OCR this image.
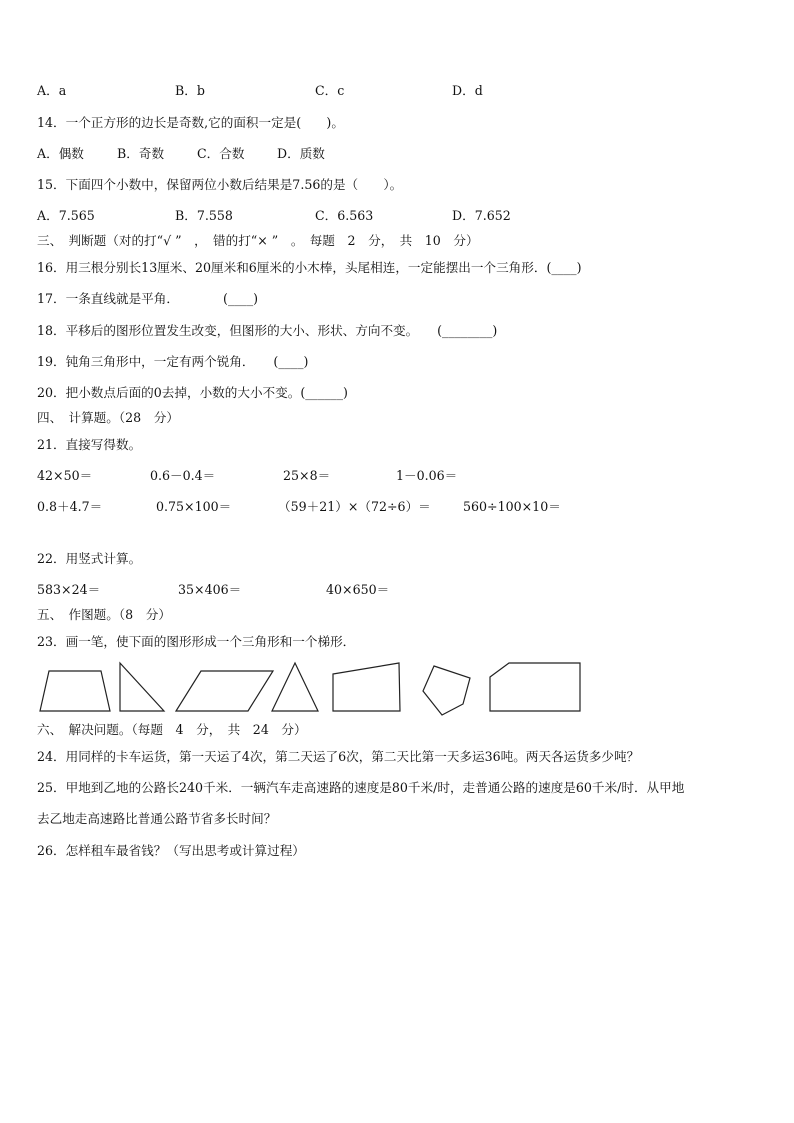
A．a	B．b	C．c	D．d
14．一个正方形的边长是奇数,它的面积一定是(　　)。
A．偶数	B．奇数	C．合数	D．质数
15．下面四个小数中，保留两位小数后结果是7.56的是（　　）。
A．7.565	B．7.558	C．6.563	D．7.652
三、　判断题（对的打“√ ”　，　错的打“× ”　。　每题　2　分，　共　10　分）
16．用三根分别长13厘米、20厘米和6厘米的小木棒，头尾相连，一定能摆出一个三角形．(____)
17．一条直线就是平角．　　　　(____)
18．平移后的图形位置发生改变，但图形的大小、形状、方向不变。　　(________)
19．钝角三角形中，一定有两个锐角．　　(____)
20．把小数点后面的0去掉，小数的大小不变。(______)
四、　计算题。（28　分）
21．直接写得数。
42×50＝	0.6－0.4＝	25×8＝	1－0.06＝
0.8＋4.7＝	0.75×100＝	（59＋21）×（72÷6）＝	560÷100×10＝
22．用竖式计算。
583×24＝	35×406＝	40×650＝
五、　作图题。（8　分）
23．画一笔，使下面的图形形成一个三角形和一个梯形．
六、　解决问题。（每题　4　分，　共　24　分）
24．用同样的卡车运货，第一天运了4次，第二天运了6次，第二天比第一天多运36吨。两天各运货多少吨？
25．甲地到乙地的公路长240千米．一辆汽车走高速路的速度是80千米/时，走普通公路的速度是60千米/时．从甲地
去乙地走高速路比普通公路节省多长时间？
26．怎样租车最省钱？（写出思考或计算过程）
